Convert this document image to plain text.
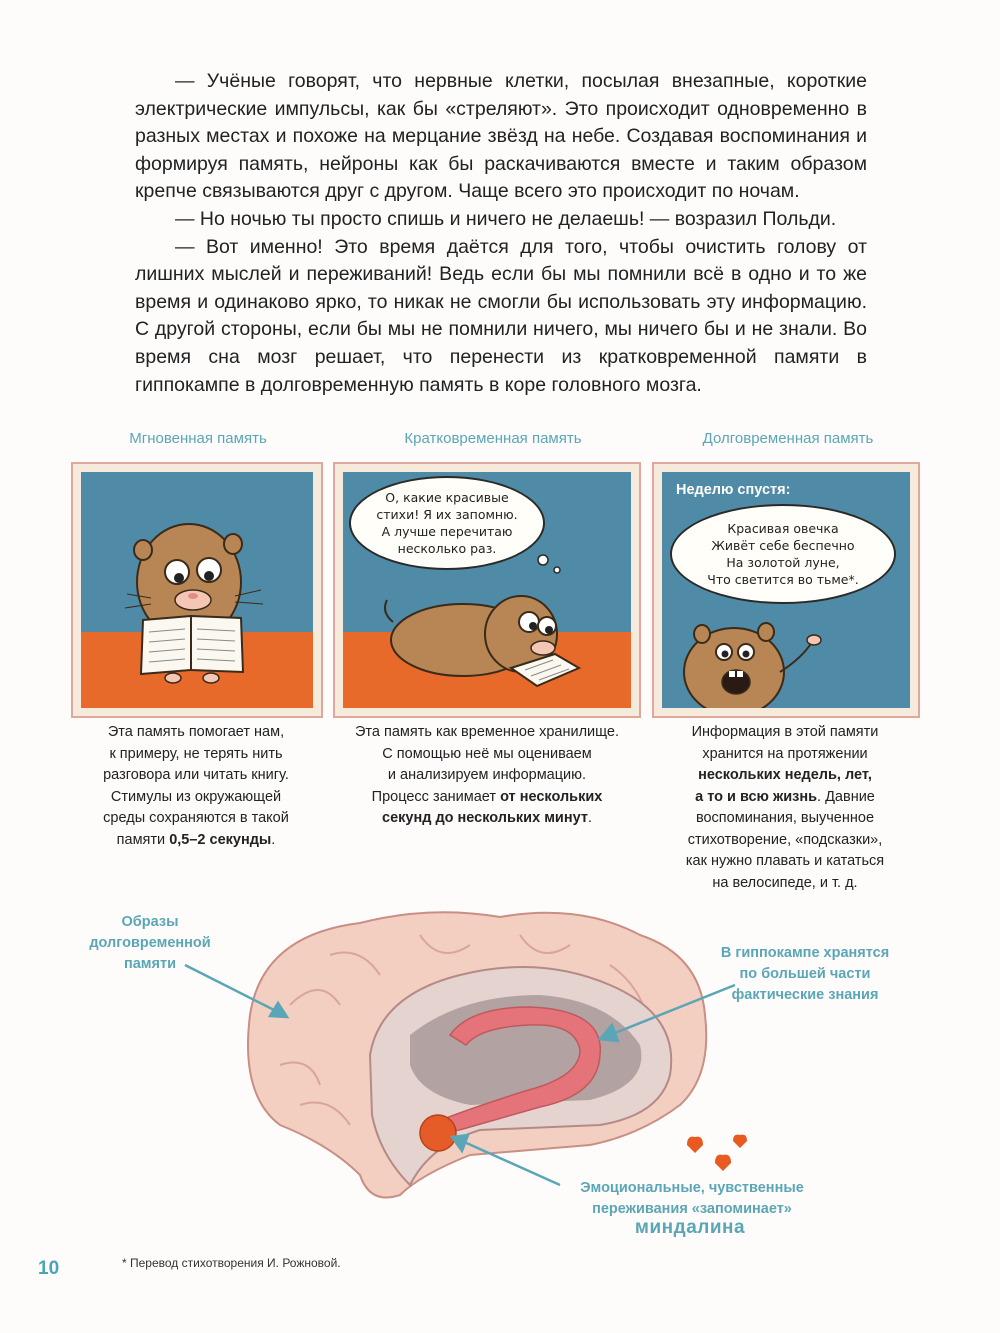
— Учёные говорят, что нервные клетки, посылая внезапные, короткие электрические импульсы, как бы «стреляют». Это происходит одновременно в разных местах и похоже на мерцание звёзд на небе. Создавая воспоминания и формируя память, нейроны как бы раскачиваются вместе и таким образом крепче связываются друг с другом. Чаще всего это происходит по ночам.

— Но ночью ты просто спишь и ничего не делаешь! — возразил Польди.

— Вот именно! Это время даётся для того, чтобы очистить голову от лишних мыслей и переживаний! Ведь если бы мы помнили всё в одно и то же время и одинаково ярко, то никак не смогли бы использовать эту информацию. С другой стороны, если бы мы не помнили ничего, мы ничего бы и не знали. Во время сна мозг решает, что перенести из кратковременной памяти в гиппокампе в долговременную память в коре головного мозга.

Мгновенная память	Кратковременная память	Долговременная память
О, какие красивые
стихи! Я их запомню.
А лучше перечитаю
несколько раз.
Неделю спустя:
Красивая овечка
Живёт себе беспечно
На золотой луне,
Что светится во тьме*.
Эта память помогает нам,
к примеру, не терять нить
разговора или читать книгу.
Стимулы из окружающей
среды сохраняются в такой
памяти 0,5–2 секунды.
Эта память как временное хранилище.
С помощью неё мы оцениваем
и анализируем информацию.
Процесс занимает от нескольких
секунд до нескольких минут.
Информация в этой памяти
хранится на протяжении
нескольких недель, лет,
а то и всю жизнь. Давние
воспоминания, выученное
стихотворение, «подсказки»,
как нужно плавать и кататься
на велосипеде, и т. д.
Образы
долговременной
памяти
В гиппокампе хранятся
по большей части
фактические знания
Эмоциональные, чувственные
переживания «запоминает»
миндалина
* Перевод стихотворения И. Рожновой.
10
